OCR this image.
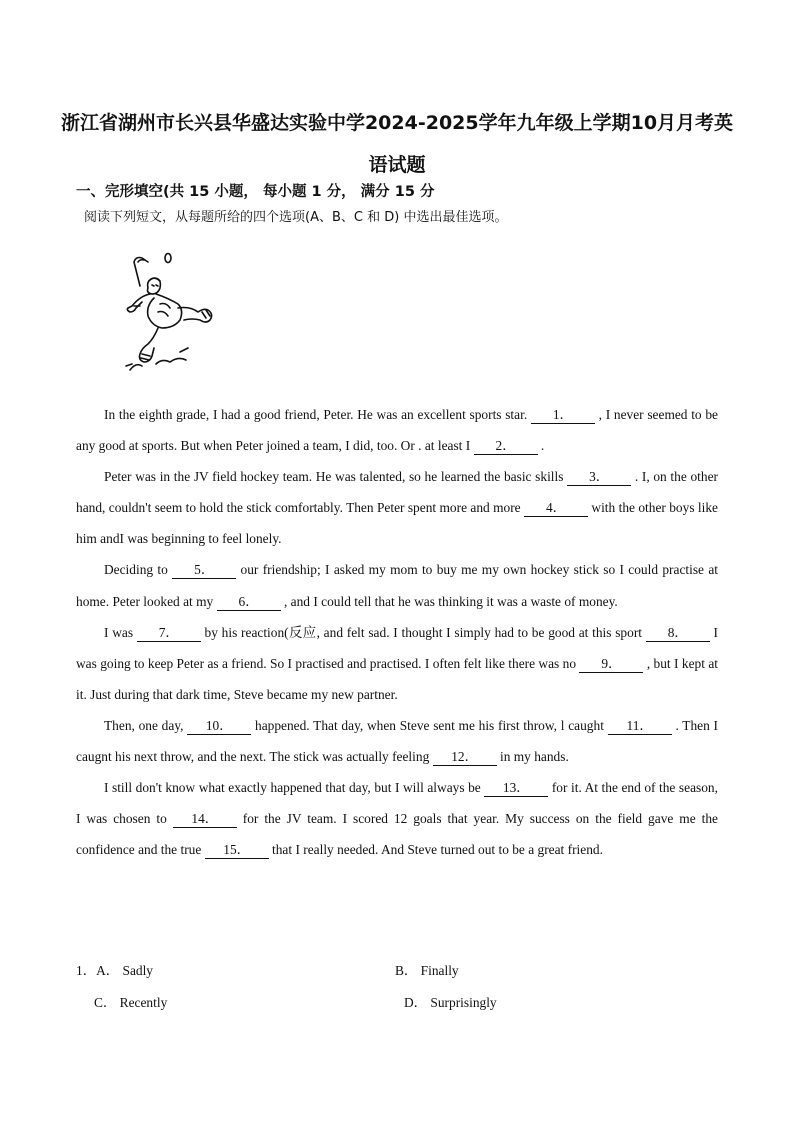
浙江省湖州市长兴县华盛达实验中学2024-2025学年九年级上学期10月月考英
语试题
一、完形填空(共 15 小题， 每小题 1 分， 满分 15 分
阅读下列短文，从每题所给的四个选项(A、B、C 和 D) 中选出最佳选项。

In the eighth grade, I had a good friend, Peter. He was an excellent sports star. 1． , I never seemed to be any good at sports. But when Peter joined a team, I did, too. Or . at least I 2． .

Peter was in the JV field hockey team. He was talented, so he learned the basic skills 3． . I, on the other hand, couldn't seem to hold the stick comfortably. Then Peter spent more and more 4． with the other boys like him andI was beginning to feel lonely.

Deciding to 5． our friendship; I asked my mom to buy me my own hockey stick so I could practise at home. Peter looked at my 6． , and I could tell that he was thinking it was a waste of money.

I was 7． by his reaction(反应, and felt sad. I thought I simply had to be good at this sport 8． I was going to keep Peter as a friend. So I practised and practised. I often felt like there was no 9． , but I kept at it. Just during that dark time, Steve became my new partner.

Then, one day, 10． happened. That day, when Steve sent me his first throw, l caught 11． . Then I caugnt his next throw, and the next. The stick was actually feeling 12． in my hands.

I still don't know what exactly happened that day, but I will always be 13． for it. At the end of the season, I was chosen to 14． for the JV team. I scored 12 goals that year. My success on the field gave me the confidence and the true 15． that I really needed. And Steve turned out to be a great friend.

1．A． Sadly	B． Finally
C． Recently	D． Surprisingly
